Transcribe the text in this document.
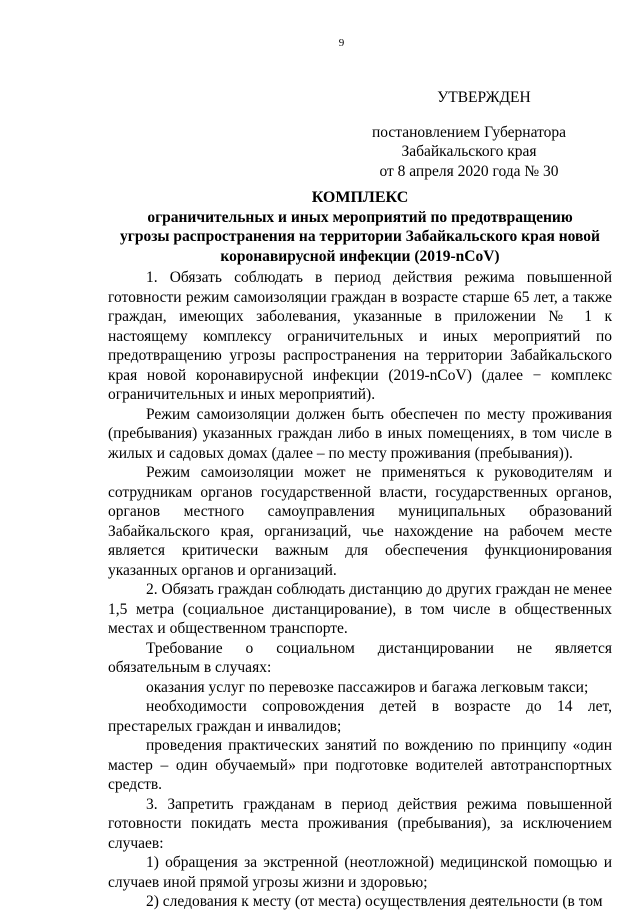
9
УТВЕРЖДЕН
постановлением Губернатора
Забайкальского края
от 8 апреля 2020 года № 30
КОМПЛЕКС
ограничительных и иных мероприятий по предотвращению
угрозы распространения на территории Забайкальского края новой
коронавирусной инфекции (2019-nCoV)

1. Обязать соблюдать в период действия режима повышенной готовности режим самоизоляции граждан в возрасте старше 65 лет, а также граждан, имеющих заболевания, указанные в приложении № 1 к настоящему комплексу ограничительных и иных мероприятий по предотвращению угрозы распространения на территории Забайкальского края новой коронавирусной инфекции (2019-nCoV) (далее − комплекс ограничительных и иных мероприятий).

Режим самоизоляции должен быть обеспечен по месту проживания (пребывания) указанных граждан либо в иных помещениях, в том числе в жилых и садовых домах (далее – по месту проживания (пребывания)).

Режим самоизоляции может не применяться к руководителям и сотрудникам органов государственной власти, государственных органов, органов местного самоуправления муниципальных образований Забайкальского края, организаций, чье нахождение на рабочем месте является критически важным для обеспечения функционирования указанных органов и организаций.

2. Обязать граждан соблюдать дистанцию до других граждан не менее 1,5 метра (социальное дистанцирование), в том числе в общественных местах и общественном транспорте.

Требование о социальном дистанцировании не является обязательным в случаях:

оказания услуг по перевозке пассажиров и багажа легковым такси;

необходимости сопровождения детей в возрасте до 14 лет, престарелых граждан и инвалидов;

проведения практических занятий по вождению по принципу «один мастер – один обучаемый» при подготовке водителей автотранспортных средств.

3. Запретить гражданам в период действия режима повышенной готовности покидать места проживания (пребывания), за исключением случаев:

1) обращения за экстренной (неотложной) медицинской помощью и случаев иной прямой угрозы жизни и здоровью;

2) следования к месту (от места) осуществления деятельности (в том
